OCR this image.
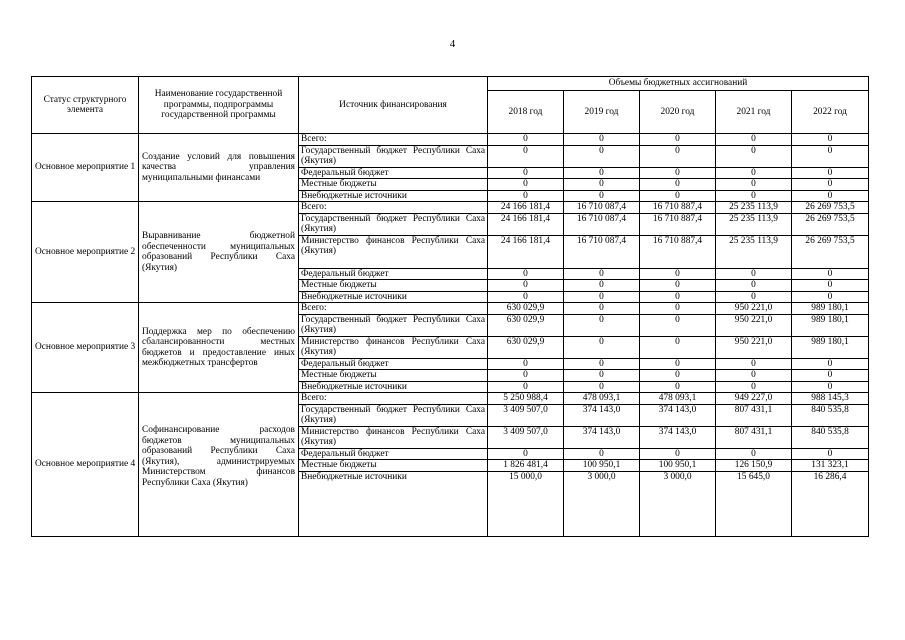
4
Статус структурного элемента	Наименование государственной программы, подпрограммы государственной программы	Источник финансирования	Объемы бюджетных ассигнований				
			2018 год	2019 год	2020 год	2021 год	2022 год
Основное мероприятие 1	Создание условий для повышения качества управления муниципальными финансами	Всего:	0	0	0	0	0
		Государственный бюджет Республики Саха (Якутия)	0	0	0	0	0
		Федеральный бюджет	0	0	0	0	0
		Местные бюджеты	0	0	0	0	0
		Внебюджетные источники	0	0	0	0	0
Основное мероприятие 2	Выравнивание бюджетной обеспеченности муниципальных образований Республики Саха (Якутия)	Всего:	24 166 181,4	16 710 087,4	16 710 887,4	25 235 113,9	26 269 753,5
		Государственный бюджет Республики Саха (Якутия)	24 166 181,4	16 710 087,4	16 710 887,4	25 235 113,9	26 269 753,5
		Министерство финансов Республики Саха (Якутия)	24 166 181,4	16 710 087,4	16 710 887,4	25 235 113,9	26 269 753,5
		Федеральный бюджет	0	0	0	0	0
		Местные бюджеты	0	0	0	0	0
		Внебюджетные источники	0	0	0	0	0
Основное мероприятие 3	Поддержка мер по обеспечению сбалансированности местных бюджетов и предоставление иных межбюджетных трансфертов	Всего:	630 029,9	0	0	950 221,0	989 180,1
		Государственный бюджет Республики Саха (Якутия)	630 029,9	0	0	950 221,0	989 180,1
		Министерство финансов Республики Саха (Якутия)	630 029,9	0	0	950 221,0	989 180,1
		Федеральный бюджет	0	0	0	0	0
		Местные бюджеты	0	0	0	0	0
		Внебюджетные источники	0	0	0	0	0
Основное мероприятие 4	Софинансирование расходов бюджетов муниципальных образований Республики Саха (Якутия), администрируемых Министерством финансов Республики Саха (Якутия)	Всего:	5 250 988,4	478 093,1	478 093,1	949 227,0	988 145,3
		Государственный бюджет Республики Саха (Якутия)	3 409 507,0	374 143,0	374 143,0	807 431,1	840 535,8
		Министерство финансов Республики Саха (Якутия)	3 409 507,0	374 143,0	374 143,0	807 431,1	840 535,8
		Федеральный бюджет	0	0	0	0	0
		Местные бюджеты	1 826 481,4	100 950,1	100 950,1	126 150,9	131 323,1
		Внебюджетные источники	15 000,0	3 000,0	3 000,0	15 645,0	16 286,4
